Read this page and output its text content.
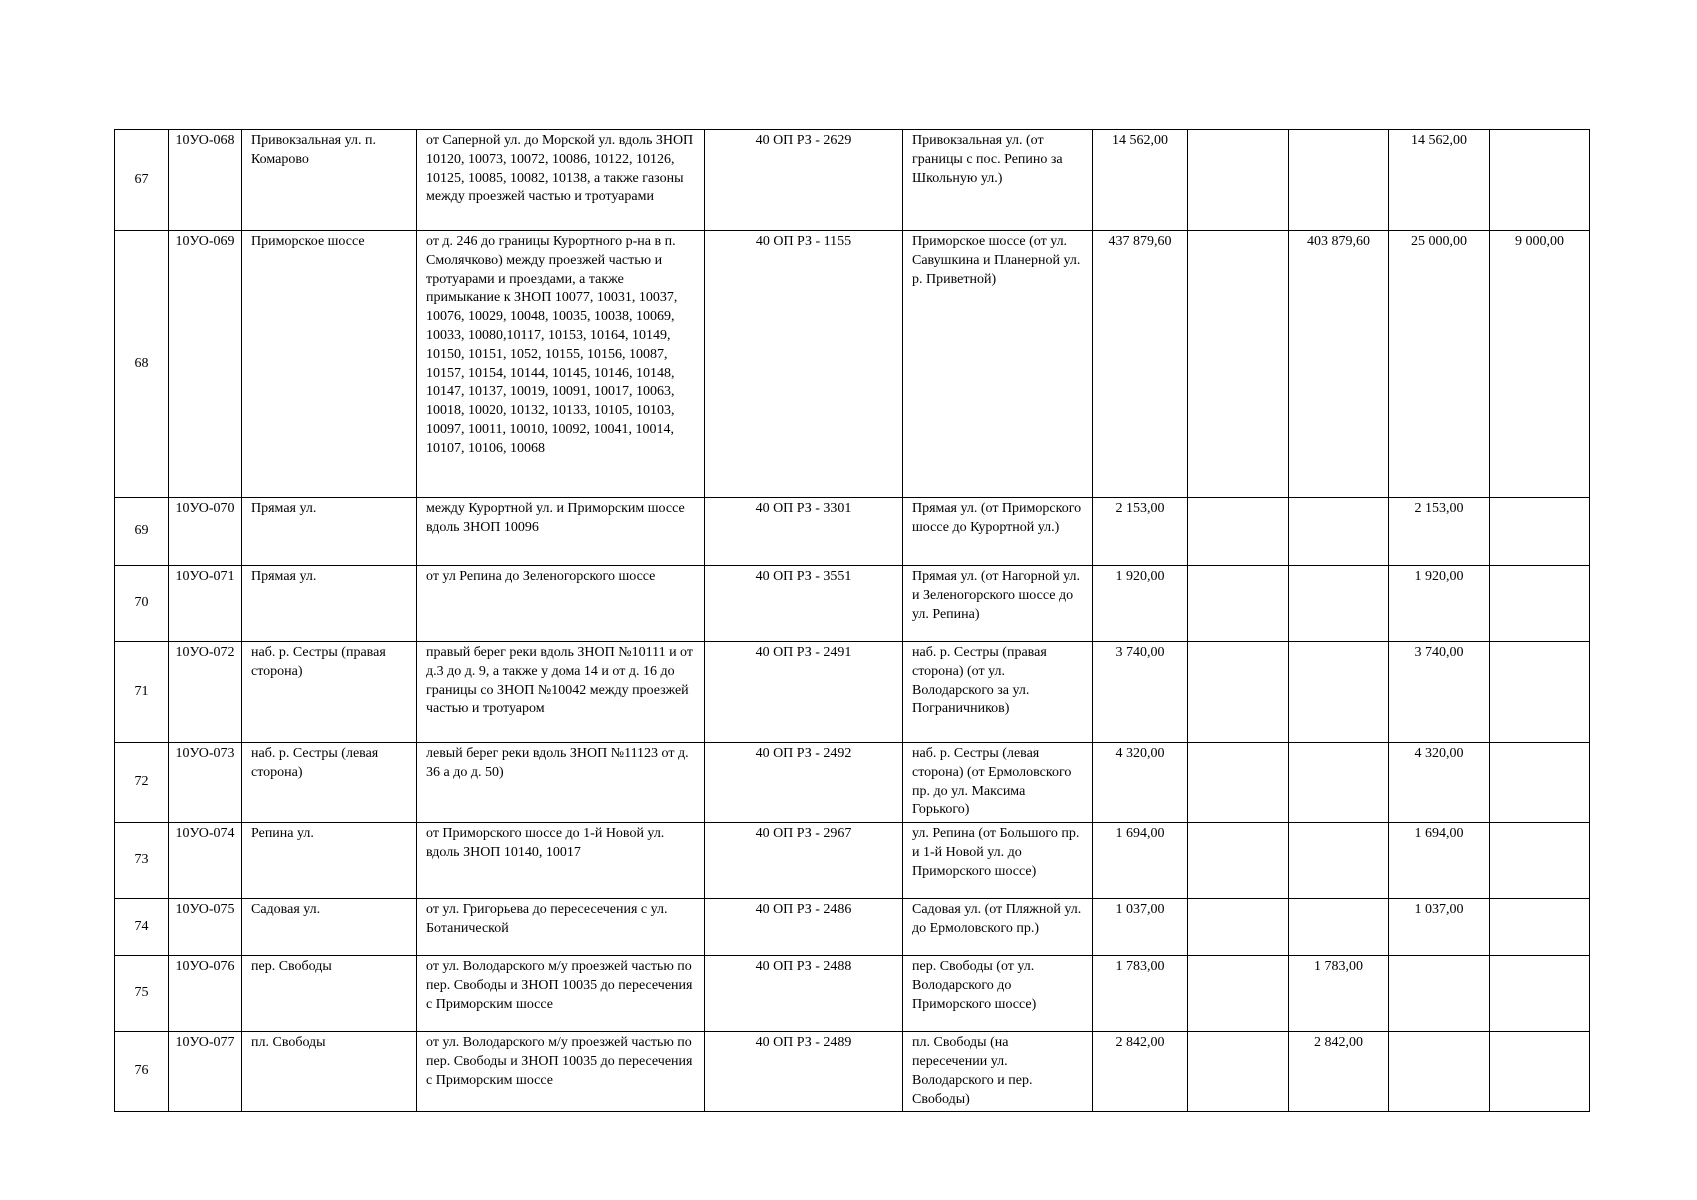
67	10УО-068	Привокзальная ул. п. Комарово	от Саперной ул. до Морской ул. вдоль ЗНОП 10120, 10073, 10072, 10086, 10122, 10126, 10125, 10085, 10082, 10138, а также газоны между проезжей частью и тротуарами	40 ОП РЗ - 2629	Привокзальная ул. (от границы с пос. Репино за Школьную ул.)	14 562,00			14 562,00	
68	10УО-069	Приморское шоссе	от д. 246 до границы Курортного р-на в п. Смолячково) между проезжей частью и тротуарами и проездами, а также примыкание к ЗНОП 10077, 10031, 10037, 10076, 10029, 10048, 10035, 10038, 10069, 10033, 10080,10117, 10153, 10164, 10149, 10150, 10151, 1052, 10155, 10156, 10087, 10157, 10154, 10144, 10145, 10146, 10148, 10147, 10137, 10019, 10091, 10017, 10063, 10018, 10020, 10132, 10133, 10105, 10103, 10097, 10011, 10010, 10092, 10041, 10014, 10107, 10106, 10068	40 ОП РЗ - 1155	Приморское шоссе (от ул. Савушкина и Планерной ул. р. Приветной)	437 879,60		403 879,60	25 000,00	9 000,00
69	10УО-070	Прямая ул.	между Курортной ул. и Приморским шоссе вдоль ЗНОП 10096	40 ОП РЗ - 3301	Прямая ул. (от Приморского шоссе до Курортной ул.)	2 153,00			2 153,00	
70	10УО-071	Прямая ул.	от ул Репина до Зеленогорского шоссе	40 ОП РЗ - 3551	Прямая ул. (от Нагорной ул. и Зеленогорского шоссе до ул. Репина)	1 920,00			1 920,00	
71	10УО-072	наб. р. Сестры (правая сторона)	правый берег реки вдоль ЗНОП №10111 и от д.3 до д. 9, а также у дома 14 и от д. 16 до границы со ЗНОП №10042 между проезжей частью и тротуаром	40 ОП РЗ - 2491	наб. р. Сестры (правая сторона) (от ул. Володарского за ул. Пограничников)	3 740,00			3 740,00	
72	10УО-073	наб. р. Сестры (левая сторона)	левый берег реки вдоль ЗНОП №11123 от д. 36 а до д. 50)	40 ОП РЗ - 2492	наб. р. Сестры (левая сторона) (от Ермоловского пр. до ул. Максима Горького)	4 320,00			4 320,00	
73	10УО-074	Репина ул.	от Приморского шоссе до 1-й Новой ул. вдоль ЗНОП 10140, 10017	40 ОП РЗ - 2967	ул. Репина (от Большого пр. и 1-й Новой ул. до Приморского шоссе)	1 694,00			1 694,00	
74	10УО-075	Садовая ул.	от ул. Григорьева до пересесечения с ул. Ботанической	40 ОП РЗ - 2486	Садовая ул. (от Пляжной ул. до Ермоловского пр.)	1 037,00			1 037,00	
75	10УО-076	пер. Свободы	от ул. Володарского м/у проезжей частью по пер. Свободы и ЗНОП 10035 до пересечения с Приморским шоссе	40 ОП РЗ - 2488	пер. Свободы (от ул. Володарского до Приморского шоссе)	1 783,00		1 783,00		
76	10УО-077	пл. Свободы	от ул. Володарского м/у проезжей частью по пер. Свободы и ЗНОП 10035 до пересечения с Приморским шоссе	40 ОП РЗ - 2489	пл. Свободы (на пересечении ул. Володарского и пер. Свободы)	2 842,00		2 842,00		
